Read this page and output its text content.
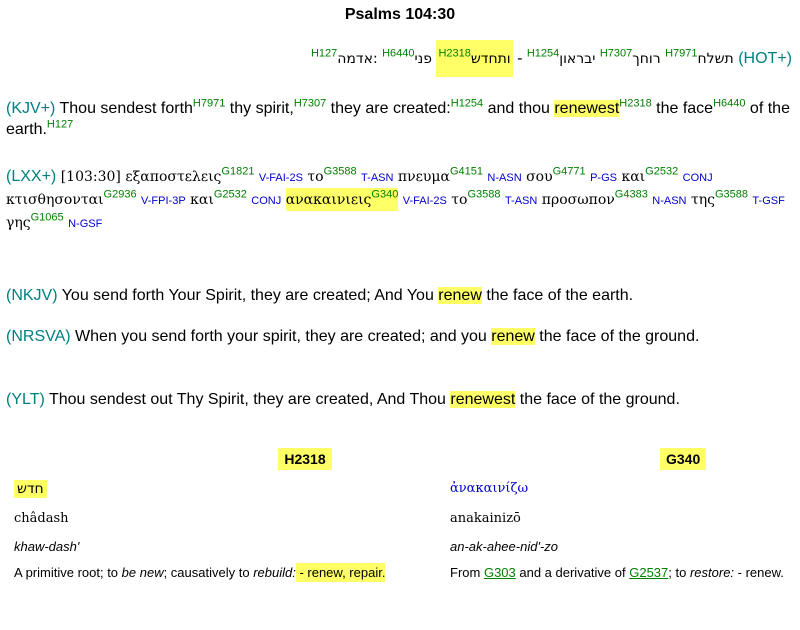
Psalms 104:30
$^{H127}$אדמה: $^{H6440}$פני $^{H2318}$ותחדש - $^{H1254}$יבראון $^{H7307}$רוחך $^{H7971}$תשלח (HOT+)
(KJV+) Thou sendest forth$^{H7971}$ thy spirit,$^{H7307}$ they are created:$^{H1254}$ and thou renewest$^{H2318}$ the face$^{H6440}$ of the earth.$^{H127}$
(LXX+) [103:30] εξαποστελεις$^{G1821}$ V-FAI-2S $\tau o^{G3588}$ T-ASN πνευμα$^{G4151}$ N-ASN σου$^{G4771}$ P-GS και$^{G2532}$ CONJ κτισθησονται$^{G2936}$ V-FPI-3P και$^{G2532}$ CONJ ανακαινιεις$^{G340}$ V-FAI-2S $\tau o^{G3588}$ T-ASN προσωπον$^{G4383}$ N-ASN της$^{G3588}$ T-GSF γης$^{G1065}$ N-GSF
(NKJV) You send forth Your Spirit, they are created; And You renew the face of the earth.
(NRSVA) When you send forth your spirit, they are created; and you renew the face of the ground.
(YLT) Thou sendest out Thy Spirit, they are created, And Thou renewest the face of the ground.
H2318
חדש
châdash
khaw-dash'
A primitive root; to be new; causatively to rebuild: - renew, repair.
G340
ἀνακαινίζω
anakainizō
an-ak-ahee-nid'-zo
From G303 and a derivative of G2537; to restore: - renew.
